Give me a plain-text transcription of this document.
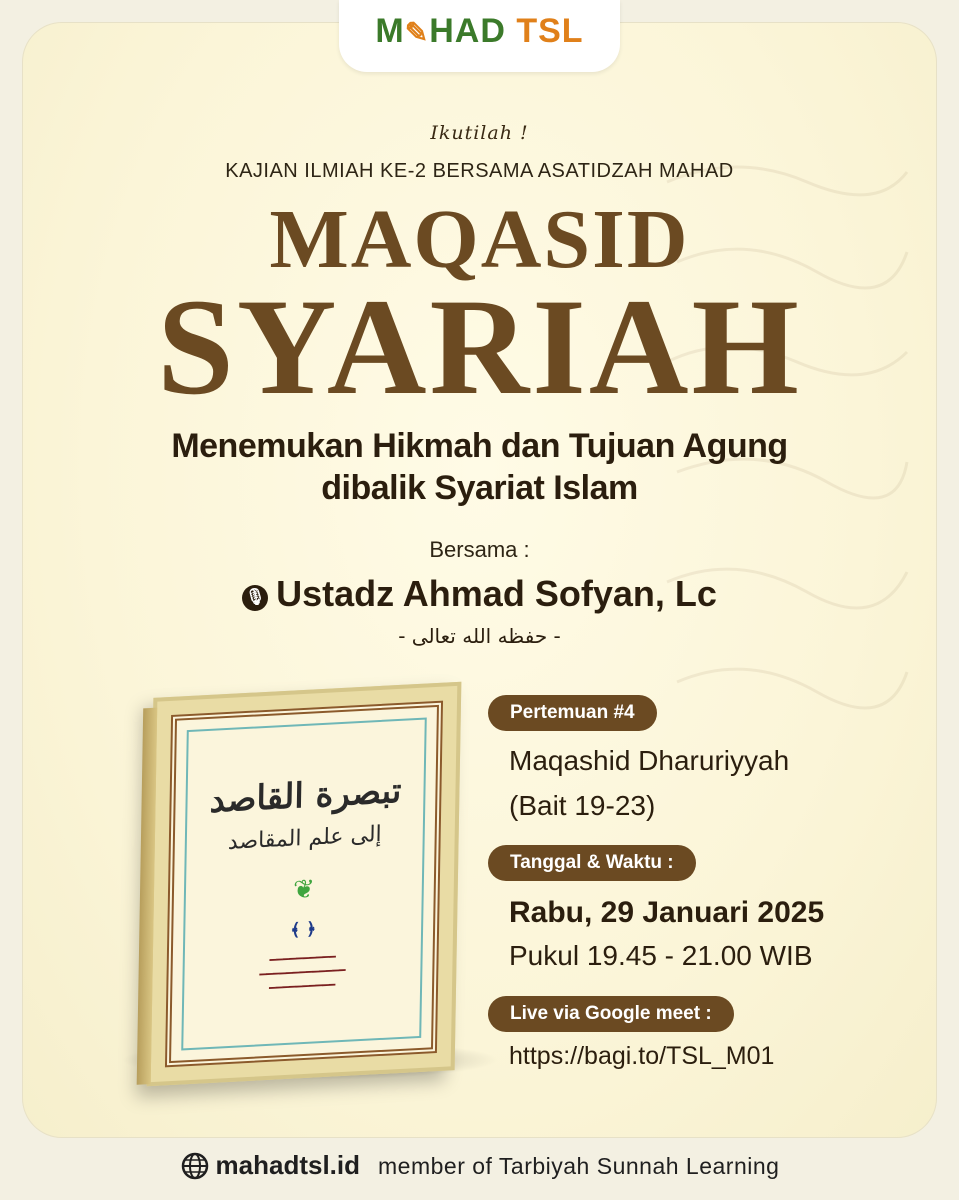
M✎HAD TSL
Ikutilah !
KAJIAN ILMIAH KE-2 BERSAMA ASATIDZAH MAHAD
MAQASID
SYARIAH
Menemukan Hikmah dan Tujuan Agung
dibalik Syariat Islam
Bersama :
🎙 Ustadz Ahmad Sofyan, Lc
- حفظه الله تعالى -
تبصرة القاصد
إلى علم المقاصد
❦
﴾ ﴿
━━━━━━━━━━
━━━━━━━━━━━━━
━━━━━━━━━━
Pertemuan #4
Maqashid Dharuriyyah
(Bait 19-23)
Tanggal & Waktu :
Rabu, 29 Januari 2025
Pukul 19.45 - 21.00 WIB
Live via Google meet :
https://bagi.to/TSL_M01
mahadtsl.id member of Tarbiyah Sunnah Learning
